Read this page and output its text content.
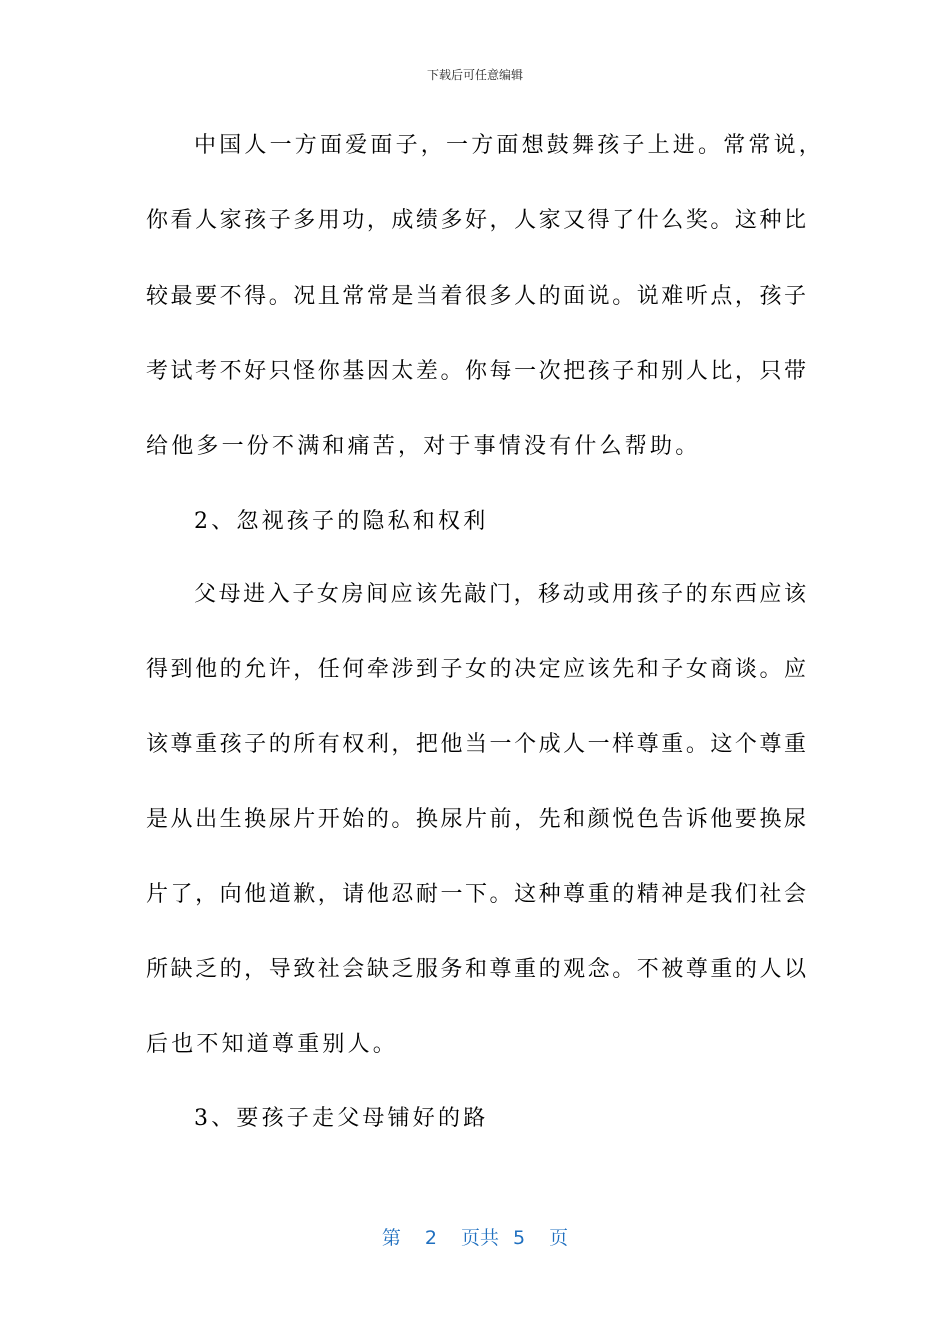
下载后可任意编辑
中国人一方面爱面子，一方面想鼓舞孩子上进。常常说，
你看人家孩子多用功，成绩多好，人家又得了什么奖。这种比
较最要不得。况且常常是当着很多人的面说。说难听点，孩子
考试考不好只怪你基因太差。你每一次把孩子和别人比，只带
给他多一份不满和痛苦，对于事情没有什么帮助。
2、忽视孩子的隐私和权利
父母进入子女房间应该先敲门，移动或用孩子的东西应该
得到他的允许，任何牵涉到子女的决定应该先和子女商谈。应
该尊重孩子的所有权利，把他当一个成人一样尊重。这个尊重
是从出生换尿片开始的。换尿片前，先和颜悦色告诉他要换尿
片了，向他道歉，请他忍耐一下。这种尊重的精神是我们社会
所缺乏的，导致社会缺乏服务和尊重的观念。不被尊重的人以
后也不知道尊重别人。
3、要孩子走父母铺好的路
第 2 页共 5 页
